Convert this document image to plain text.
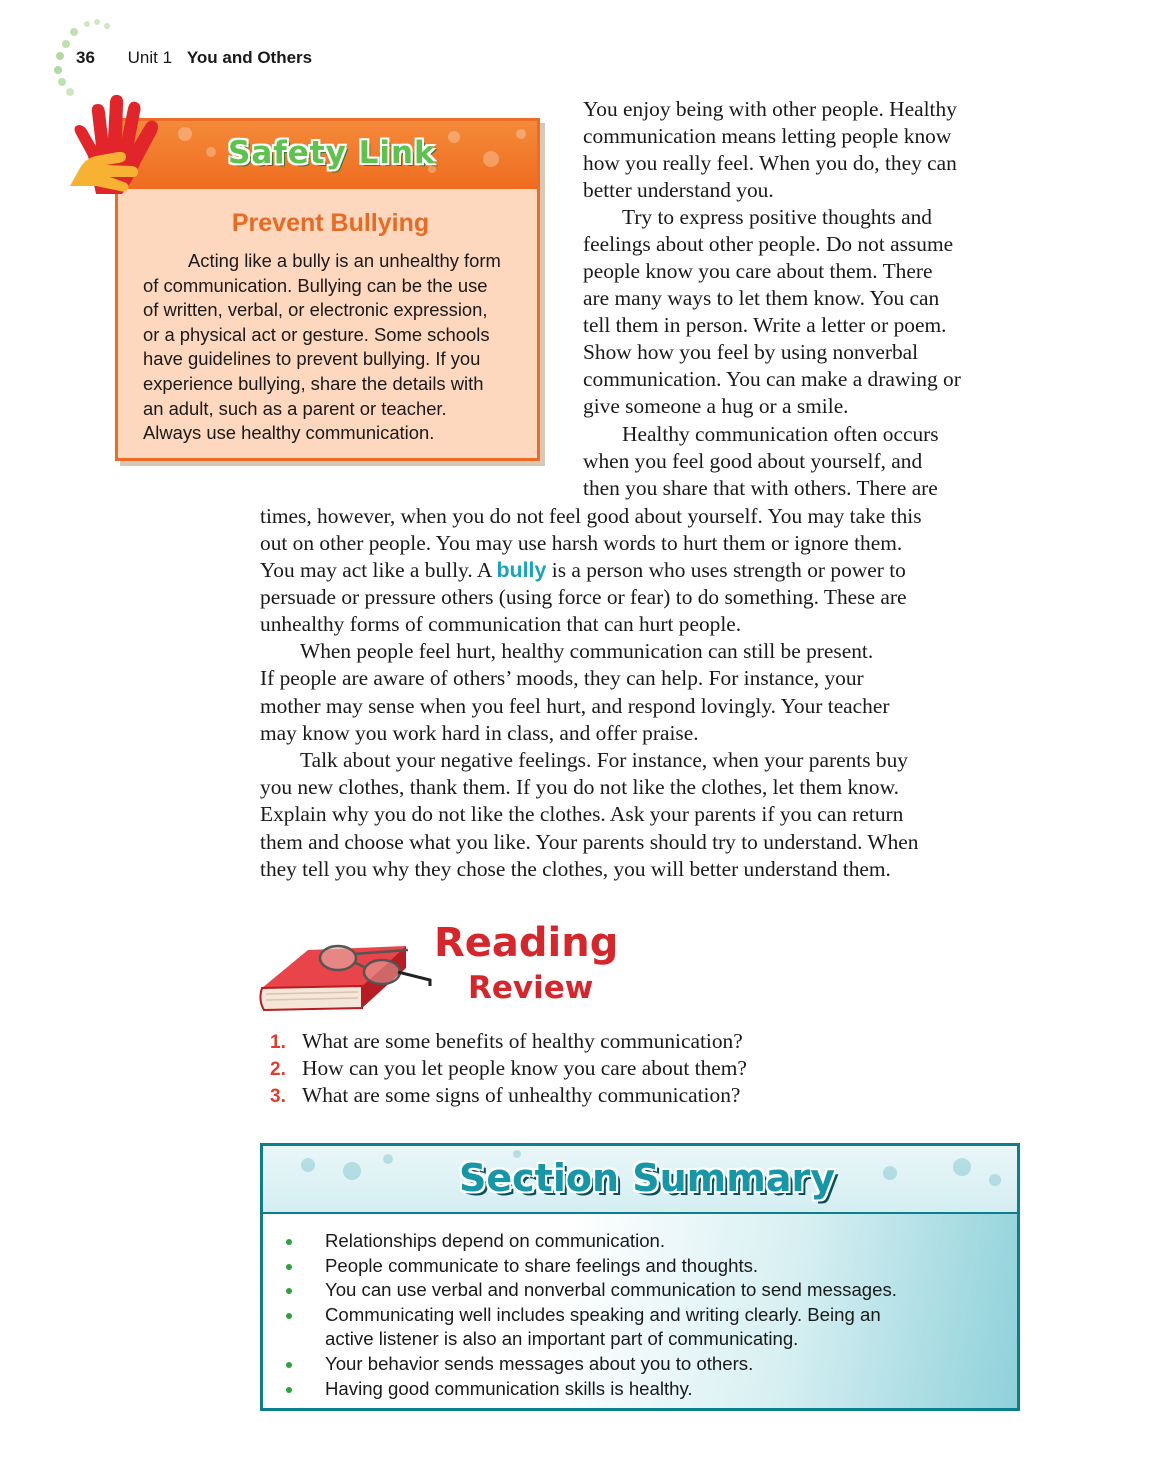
36 Unit 1 You and Others
Safety Link
Prevent Bullying
Acting like a bully is an unhealthy form
of communication. Bullying can be the use
of written, verbal, or electronic expression,
or a physical act or gesture. Some schools
have guidelines to prevent bullying. If you
experience bullying, share the details with
an adult, such as a parent or teacher.
Always use healthy communication.
You enjoy being with other people. Healthy
communication means letting people know
how you really feel. When you do, they can
better understand you.
Try to express positive thoughts and
feelings about other people. Do not assume
people know you care about them. There
are many ways to let them know. You can
tell them in person. Write a letter or poem.
Show how you feel by using nonverbal
communication. You can make a drawing or
give someone a hug or a smile.
Healthy communication often occurs
when you feel good about yourself, and
then you share that with others. There are
times, however, when you do not feel good about yourself. You may take this
out on other people. You may use harsh words to hurt them or ignore them.
You may act like a bully. A bully is a person who uses strength or power to
persuade or pressure others (using force or fear) to do something. These are
unhealthy forms of communication that can hurt people.
When people feel hurt, healthy communication can still be present.
If people are aware of others’ moods, they can help. For instance, your
mother may sense when you feel hurt, and respond lovingly. Your teacher
may know you work hard in class, and offer praise.
Talk about your negative feelings. For instance, when your parents buy
you new clothes, thank them. If you do not like the clothes, let them know.
Explain why you do not like the clothes. Ask your parents if you can return
them and choose what you like. Your parents should try to understand. When
they tell you why they chose the clothes, you will better understand them.
Reading
Review
1. What are some benefits of healthy communication?
2. How can you let people know you care about them?
3. What are some signs of unhealthy communication?
Section Summary
Relationships depend on communication.
People communicate to share feelings and thoughts.
You can use verbal and nonverbal communication to send messages.
Communicating well includes speaking and writing clearly. Being an
active listener is also an important part of communicating.
Your behavior sends messages about you to others.
Having good communication skills is healthy.
